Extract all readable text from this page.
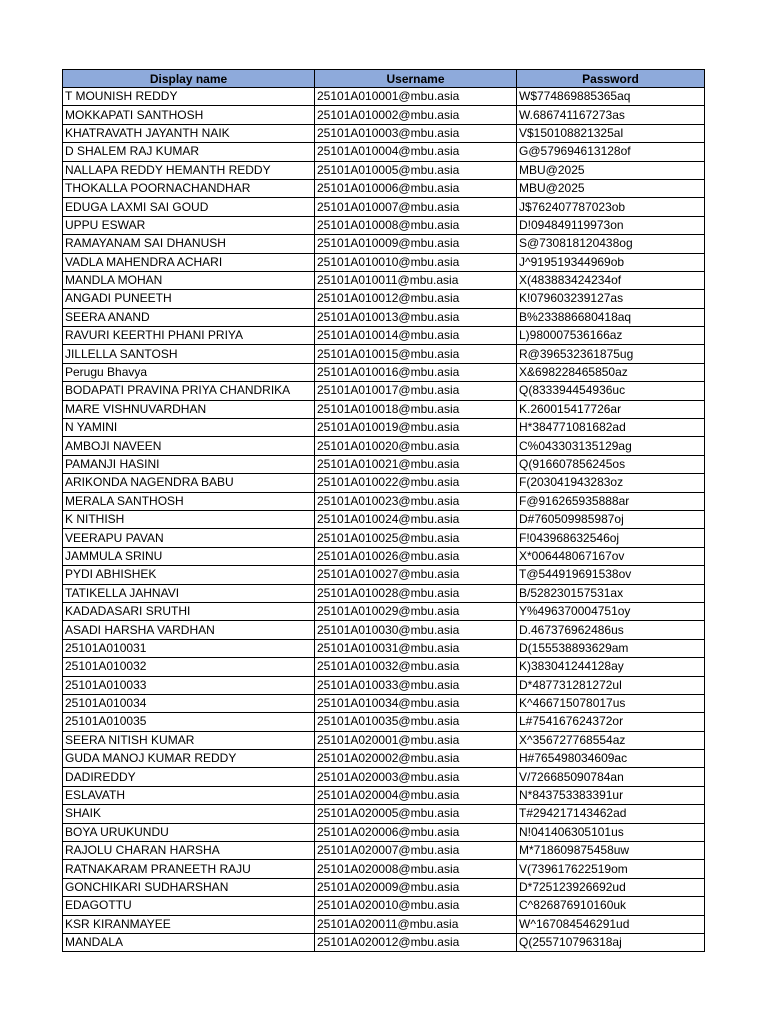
Display name	Username	Password
T MOUNISH REDDY	25101A010001@mbu.asia	W$774869885365aq
MOKKAPATI SANTHOSH	25101A010002@mbu.asia	W.686741167273as
KHATRAVATH JAYANTH NAIK	25101A010003@mbu.asia	V$150108821325al
D SHALEM RAJ KUMAR	25101A010004@mbu.asia	G@579694613128of
NALLAPA REDDY HEMANTH REDDY	25101A010005@mbu.asia	MBU@2025
THOKALLA POORNACHANDHAR	25101A010006@mbu.asia	MBU@2025
EDUGA LAXMI SAI GOUD	25101A010007@mbu.asia	J$762407787023ob
UPPU ESWAR	25101A010008@mbu.asia	D!094849119973on
RAMAYANAM SAI DHANUSH	25101A010009@mbu.asia	S@730818120438og
VADLA MAHENDRA ACHARI	25101A010010@mbu.asia	J^919519344969ob
MANDLA MOHAN	25101A010011@mbu.asia	X(483883424234of
ANGADI PUNEETH	25101A010012@mbu.asia	K!079603239127as
SEERA ANAND	25101A010013@mbu.asia	B%233886680418aq
RAVURI KEERTHI PHANI PRIYA	25101A010014@mbu.asia	L)980007536166az
JILLELLA SANTOSH	25101A010015@mbu.asia	R@396532361875ug
Perugu Bhavya	25101A010016@mbu.asia	X&698228465850az
BODAPATI PRAVINA PRIYA CHANDRIKA	25101A010017@mbu.asia	Q(833394454936uc
MARE VISHNUVARDHAN	25101A010018@mbu.asia	K.260015417726ar
N YAMINI	25101A010019@mbu.asia	H*384771081682ad
AMBOJI NAVEEN	25101A010020@mbu.asia	C%043303135129ag
PAMANJI HASINI	25101A010021@mbu.asia	Q(916607856245os
ARIKONDA NAGENDRA BABU	25101A010022@mbu.asia	F(203041943283oz
MERALA SANTHOSH	25101A010023@mbu.asia	F@916265935888ar
K NITHISH	25101A010024@mbu.asia	D#760509985987oj
VEERAPU PAVAN	25101A010025@mbu.asia	F!043968632546oj
JAMMULA SRINU	25101A010026@mbu.asia	X*006448067167ov
PYDI ABHISHEK	25101A010027@mbu.asia	T@544919691538ov
TATIKELLA JAHNAVI	25101A010028@mbu.asia	B/528230157531ax
KADADASARI SRUTHI	25101A010029@mbu.asia	Y%496370004751oy
ASADI HARSHA VARDHAN	25101A010030@mbu.asia	D.467376962486us
25101A010031	25101A010031@mbu.asia	D(155538893629am
25101A010032	25101A010032@mbu.asia	K)383041244128ay
25101A010033	25101A010033@mbu.asia	D*487731281272ul
25101A010034	25101A010034@mbu.asia	K^466715078017us
25101A010035	25101A010035@mbu.asia	L#754167624372or
SEERA NITISH KUMAR	25101A020001@mbu.asia	X^356727768554az
GUDA MANOJ KUMAR REDDY	25101A020002@mbu.asia	H#765498034609ac
DADIREDDY	25101A020003@mbu.asia	V/726685090784an
ESLAVATH	25101A020004@mbu.asia	N*843753383391ur
SHAIK	25101A020005@mbu.asia	T#294217143462ad
BOYA URUKUNDU	25101A020006@mbu.asia	N!041406305101us
RAJOLU CHARAN HARSHA	25101A020007@mbu.asia	M*718609875458uw
RATNAKARAM PRANEETH RAJU	25101A020008@mbu.asia	V(739617622519om
GONCHIKARI SUDHARSHAN	25101A020009@mbu.asia	D*725123926692ud
EDAGOTTU	25101A020010@mbu.asia	C^826876910160uk
KSR KIRANMAYEE	25101A020011@mbu.asia	W^167084546291ud
MANDALA	25101A020012@mbu.asia	Q(255710796318aj
